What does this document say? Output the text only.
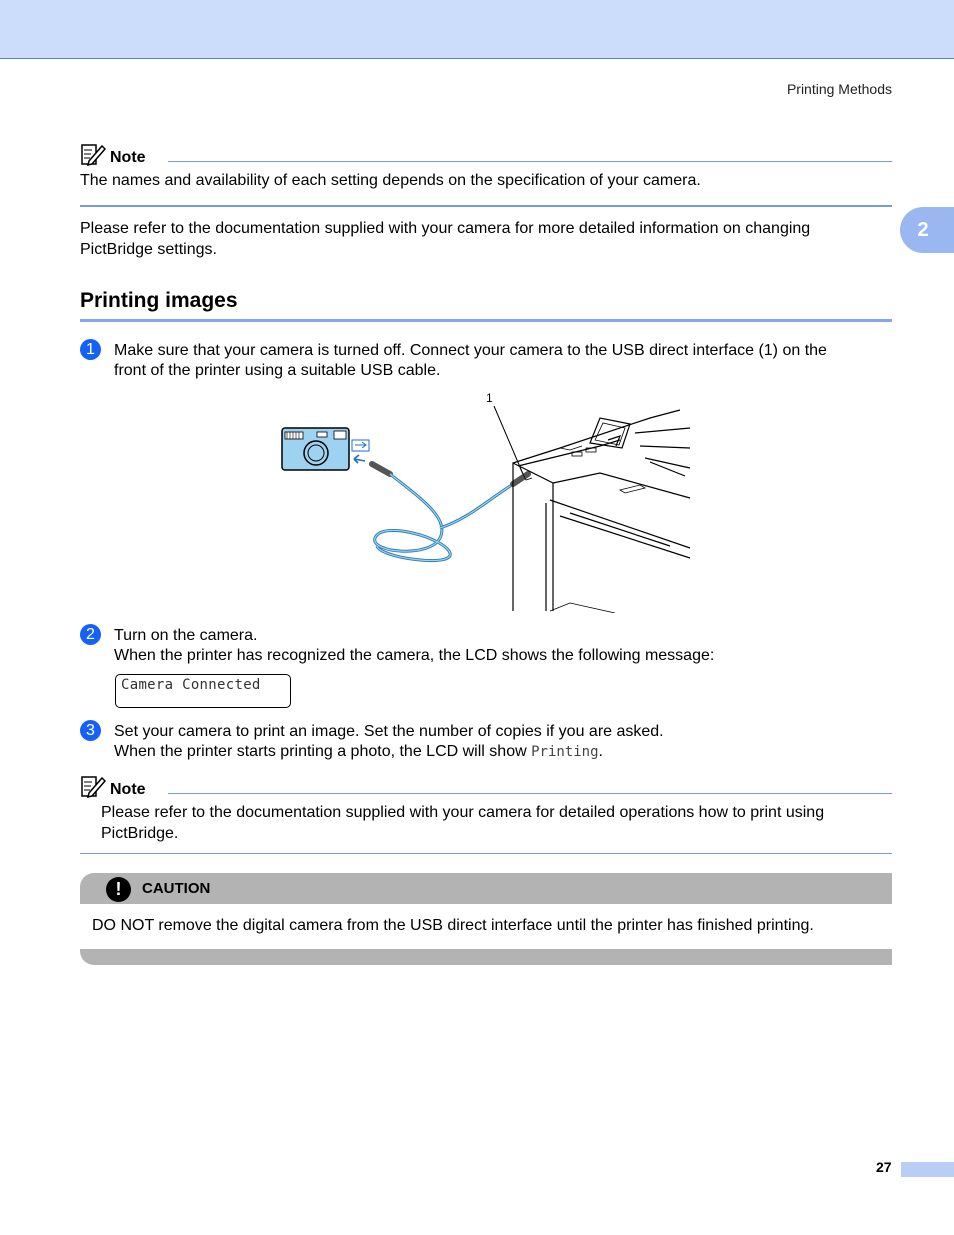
Printing Methods
2
Note
The names and availability of each setting depends on the specification of your camera.
Please refer to the documentation supplied with your camera for more detailed information on changing PictBridge settings.
Printing images
1	Make sure that your camera is turned off. Connect your camera to the USB direct interface (1) on the
front of the printer using a suitable USB cable.
1
2	Turn on the camera.
When the printer has recognized the camera, the LCD shows the following message:
Camera Connected
3	Set your camera to print an image. Set the number of copies if you are asked.
When the printer starts printing a photo, the LCD will show Printing.
Note
Please refer to the documentation supplied with your camera for detailed operations how to print using PictBridge.
!	CAUTION
DO NOT remove the digital camera from the USB direct interface until the printer has finished printing.
27
